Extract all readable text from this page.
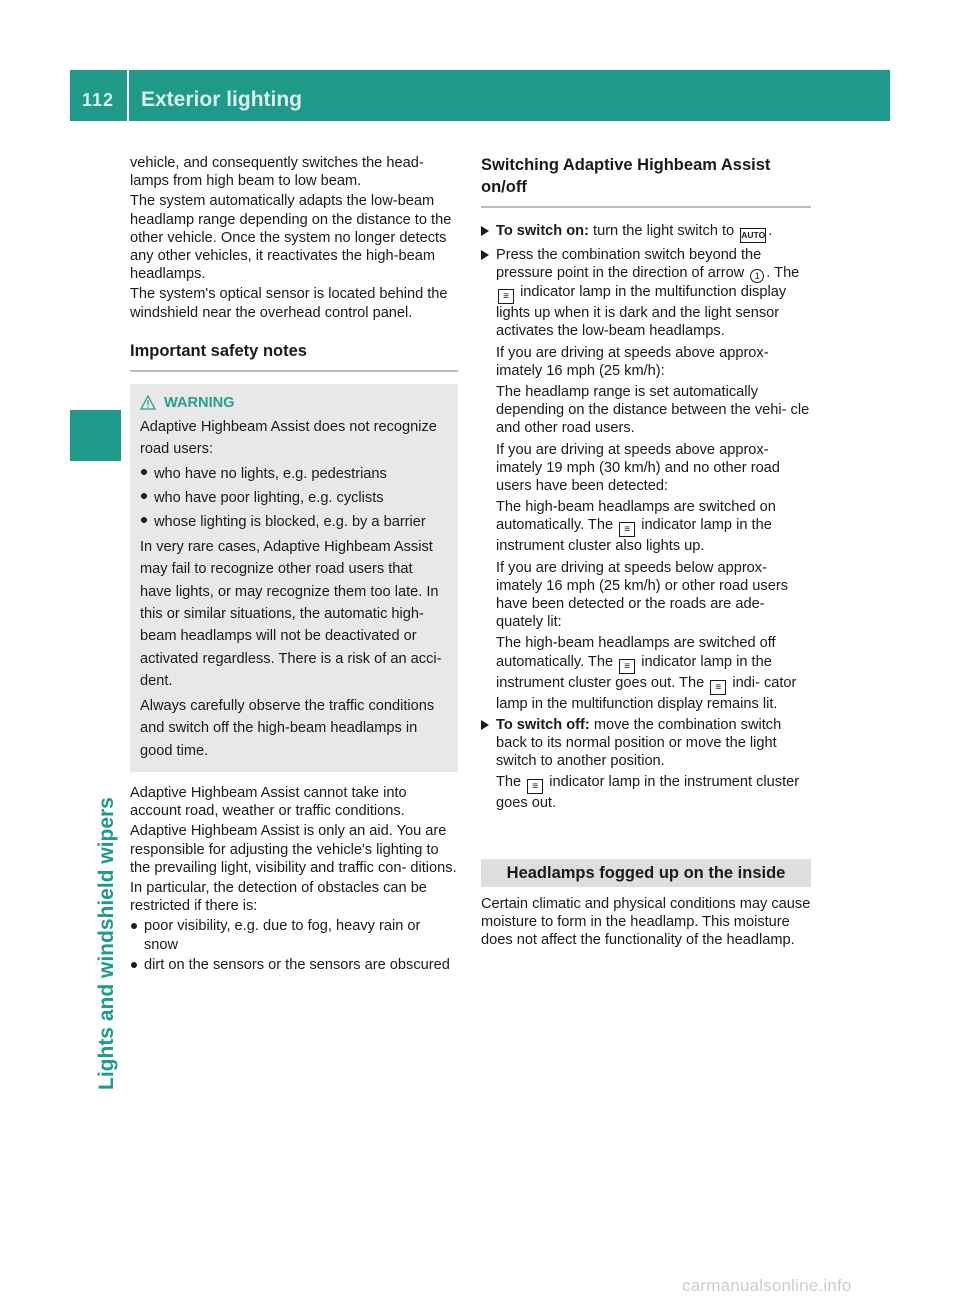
112	Exterior lighting
Lights and windshield wipers

vehicle, and consequently switches the head- lamps from high beam to low beam.

The system automatically adapts the low-beam headlamp range depending on the distance to the other vehicle. Once the system no longer detects any other vehicles, it reactivates the high-beam headlamps.

The system's optical sensor is located behind the windshield near the overhead control panel.

Important safety notes
WARNING

Adaptive Highbeam Assist does not recognize road users:

who have no lights, e.g. pedestrians
who have poor lighting, e.g. cyclists
whose lighting is blocked, e.g. by a barrier

In very rare cases, Adaptive Highbeam Assist may fail to recognize other road users that have lights, or may recognize them too late. In this or similar situations, the automatic high- beam headlamps will not be deactivated or activated regardless. There is a risk of an acci- dent.

Always carefully observe the traffic conditions and switch off the high-beam headlamps in good time.

Adaptive Highbeam Assist cannot take into account road, weather or traffic conditions.

Adaptive Highbeam Assist is only an aid. You are responsible for adjusting the vehicle's lighting to the prevailing light, visibility and traffic con- ditions.

In particular, the detection of obstacles can be restricted if there is:

poor visibility, e.g. due to fog, heavy rain or snow
dirt on the sensors or the sensors are obscured
Switching Adaptive Highbeam Assist on/off

To switch on: turn the light switch to AUTO .

Press the combination switch beyond the pressure point in the direction of arrow 1 . The ≡ indicator lamp in the multifunction display lights up when it is dark and the light sensor activates the low-beam headlamps.

If you are driving at speeds above approx- imately 16 mph (25 km/h):

The headlamp range is set automatically depending on the distance between the vehi- cle and other road users.

If you are driving at speeds above approx- imately 19 mph (30 km/h) and no other road users have been detected:

The high-beam headlamps are switched on automatically. The ≡ indicator lamp in the instrument cluster also lights up.

If you are driving at speeds below approx- imately 16 mph (25 km/h) or other road users have been detected or the roads are ade- quately lit:

The high-beam headlamps are switched off automatically. The ≡ indicator lamp in the instrument cluster goes out. The ≡ indi- cator lamp in the multifunction display remains lit.

To switch off: move the combination switch back to its normal position or move the light switch to another position.

The ≡ indicator lamp in the instrument cluster goes out.

Headlamps fogged up on the inside

Certain climatic and physical conditions may cause moisture to form in the headlamp. This moisture does not affect the functionality of the headlamp.

carmanualsonline.info
